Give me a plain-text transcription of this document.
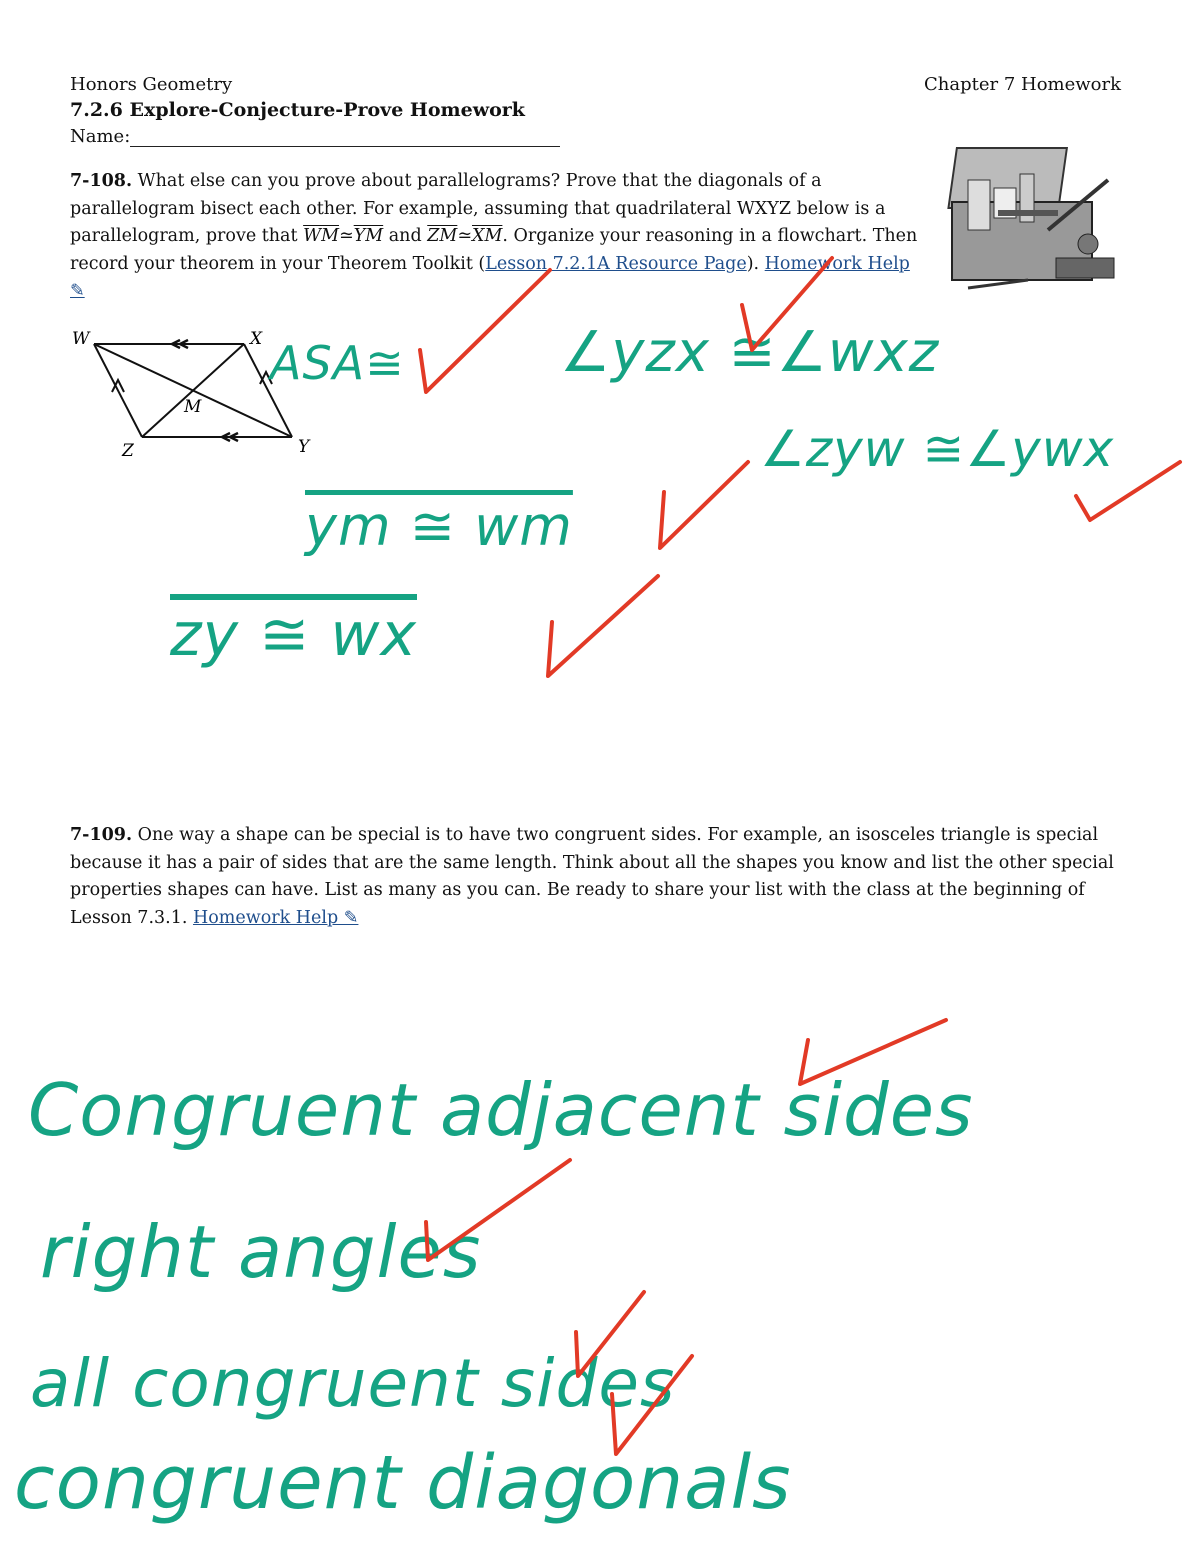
Honors Geometry	Chapter 7 Homework
7.2.6 Explore-Conjecture-Prove Homework
Name:
7-108. What else can you prove about parallelograms? Prove that the diagonals of a parallelogram bisect each other. For example, assuming that quadrilateral WXYZ below is a parallelogram, prove that $\overline{WM}≃\overline{YM}$ and $\overline{ZM}≃\overline{XM}$. Organize your reasoning in a flowchart. Then record your theorem in your Theorem Toolkit (Lesson 7.2.1A Resource Page). Homework Help ✎
W	X
Y
Z
M
ASA≅	∠yzx ≅∠wxz
∠zyw ≅∠ywx
ym ≅ wm
zy ≅ wx
7-109. One way a shape can be special is to have two congruent sides. For example, an isosceles triangle is special because it has a pair of sides that are the same length. Think about all the shapes you know and list the other special properties shapes can have. List as many as you can. Be ready to share your list with the class at the beginning of Lesson 7.3.1. Homework Help ✎
Congruent adjacent sides
right angles
all congruent sides
congruent diagonals
